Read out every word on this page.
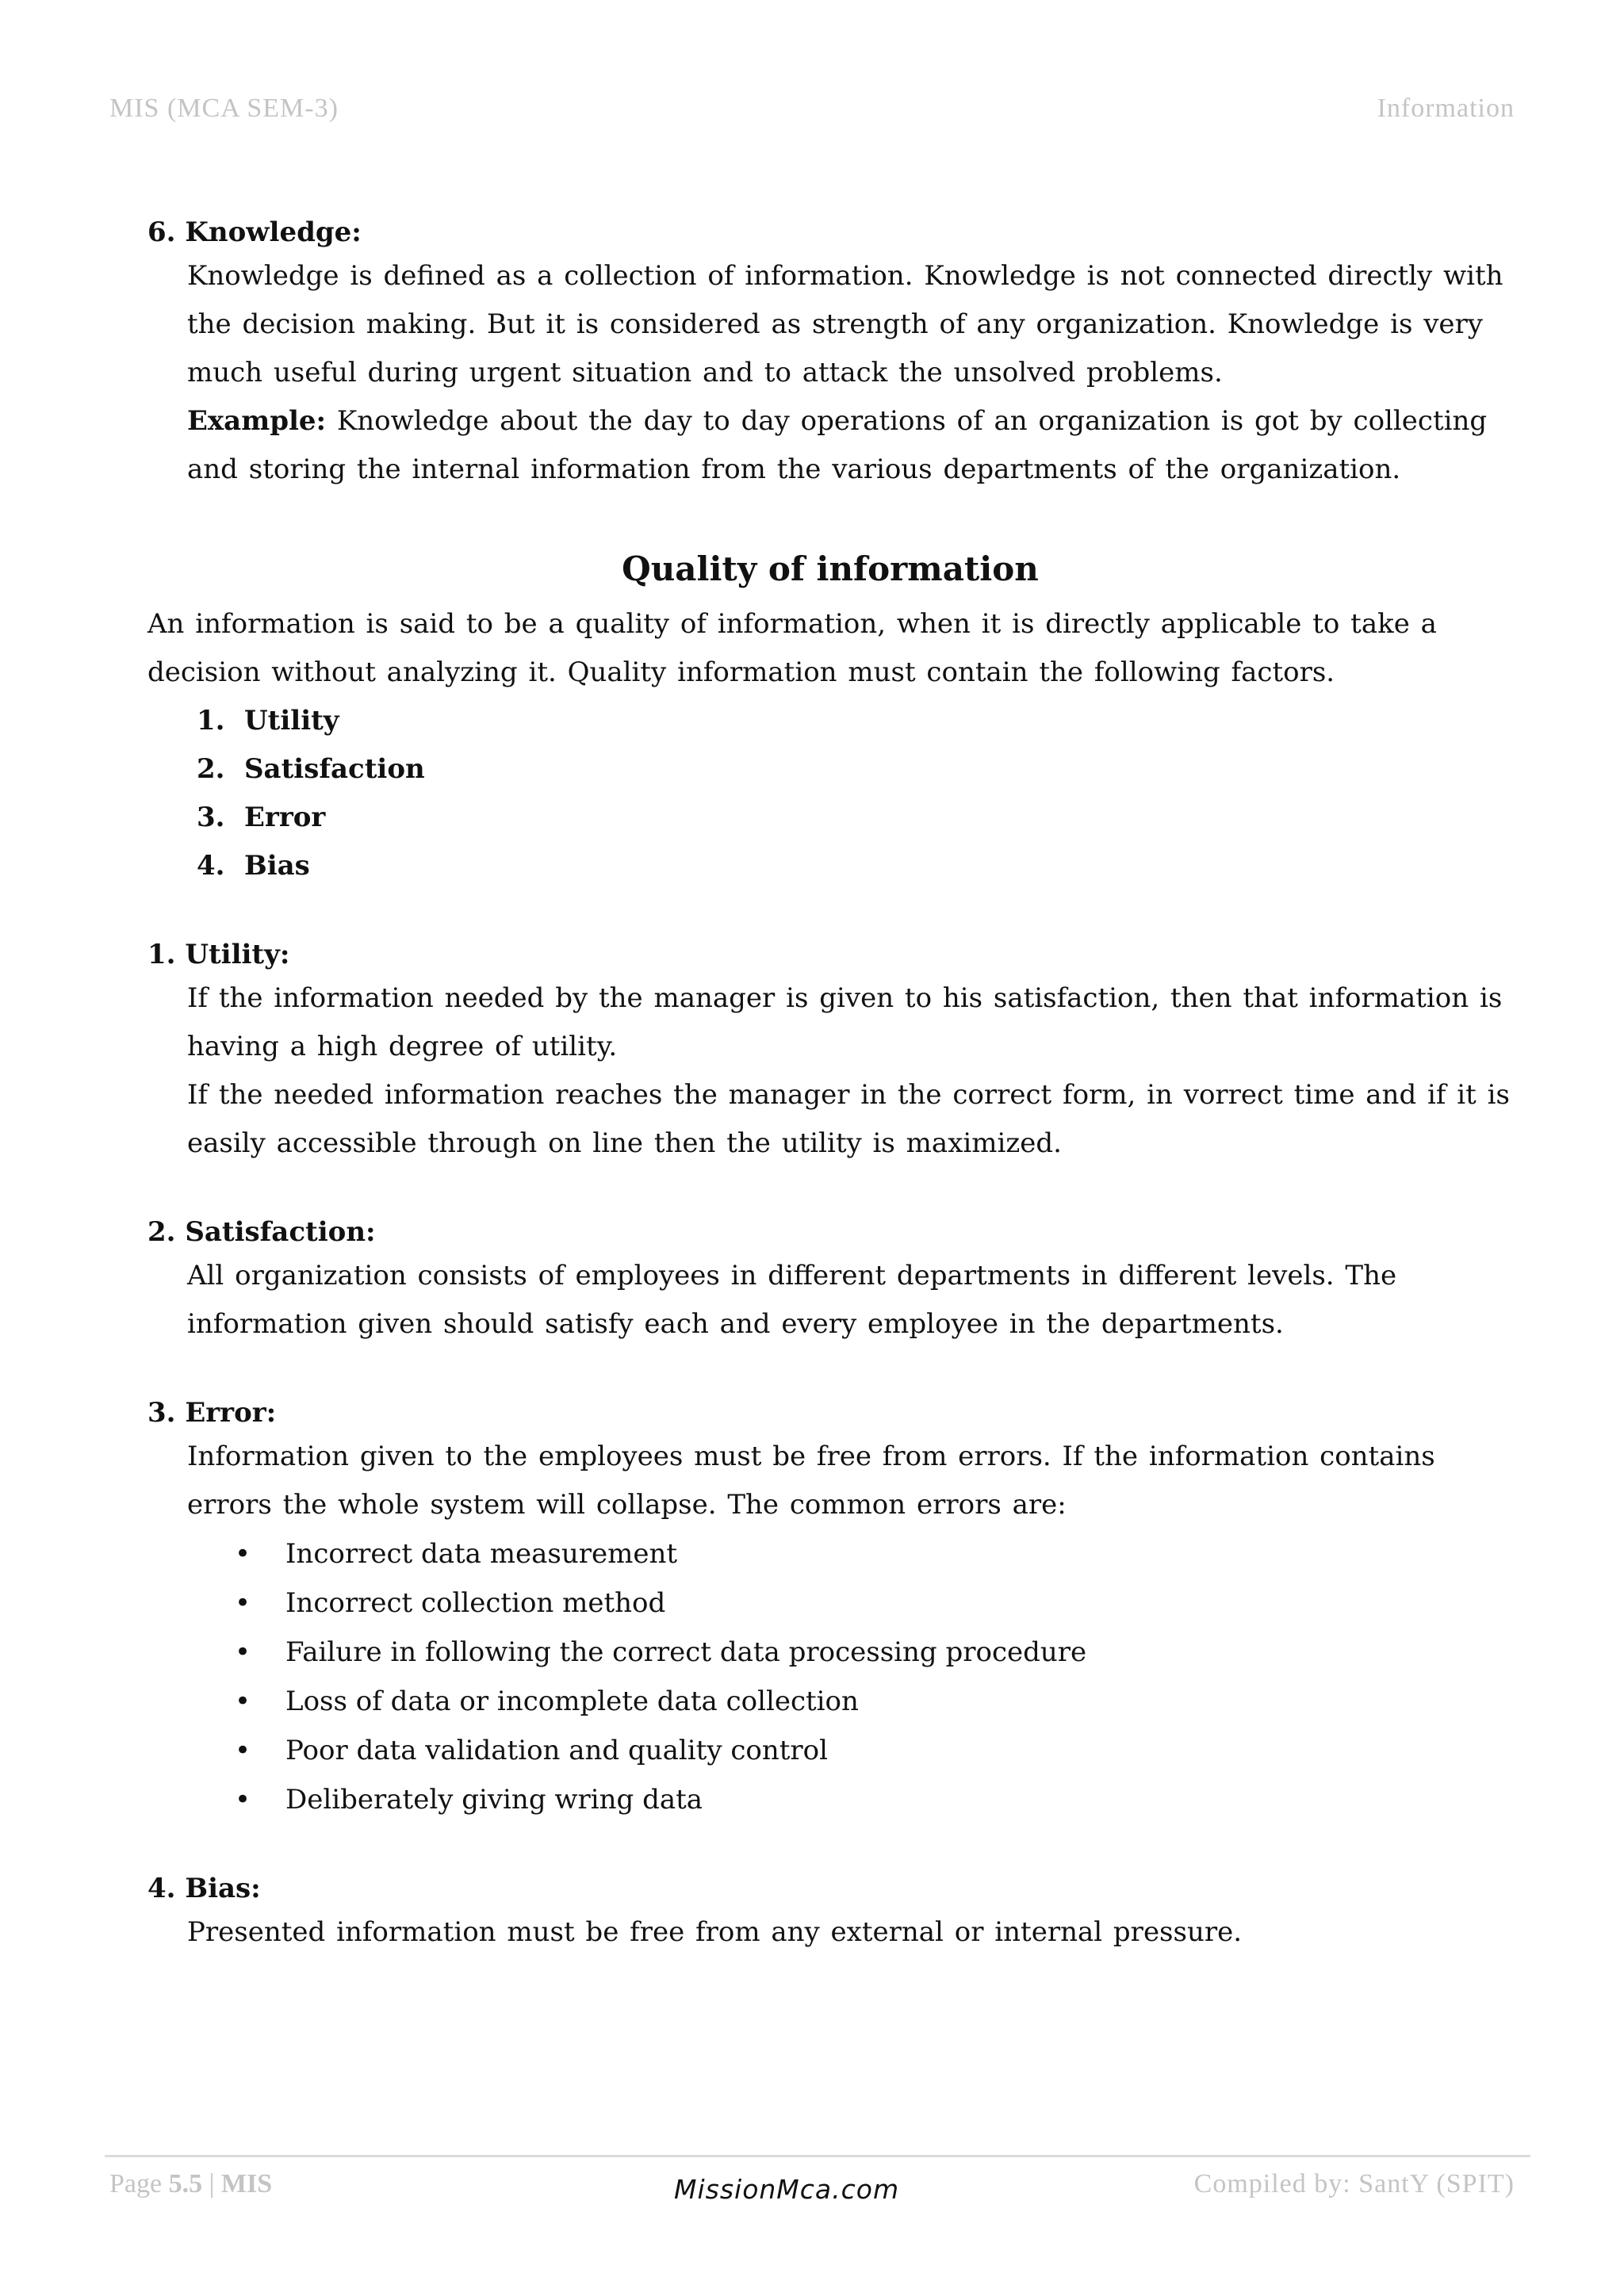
MIS (MCA SEM-3)	Information

6. Knowledge:

Knowledge is defined as a collection of information. Knowledge is not connected directly with

the decision making. But it is considered as strength of any organization. Knowledge is very

much useful during urgent situation and to attack the unsolved problems.

Example: Knowledge about the day to day operations of an organization is got by collecting

and storing the internal information from the various departments of the organization.

Quality of information

An information is said to be a quality of information, when it is directly applicable to take a

decision without analyzing it. Quality information must contain the following factors.

1. Utility
2. Satisfaction
3. Error
4. Bias

1. Utility:

If the information needed by the manager is given to his satisfaction, then that information is

having a high degree of utility.

If the needed information reaches the manager in the correct form, in vorrect time and if it is

easily accessible through on line then the utility is maximized.

2. Satisfaction:

All organization consists of employees in different departments in different levels. The

information given should satisfy each and every employee in the departments.

3. Error:

Information given to the employees must be free from errors. If the information contains

errors the whole system will collapse. The common errors are:

• Incorrect data measurement
• Incorrect collection method
• Failure in following the correct data processing procedure
• Loss of data or incomplete data collection
• Poor data validation and quality control
• Deliberately giving wring data

4. Bias:

Presented information must be free from any external or internal pressure.

Page 5.5 | MIS	MissionMca.com	Compiled by: SantY (SPIT)
